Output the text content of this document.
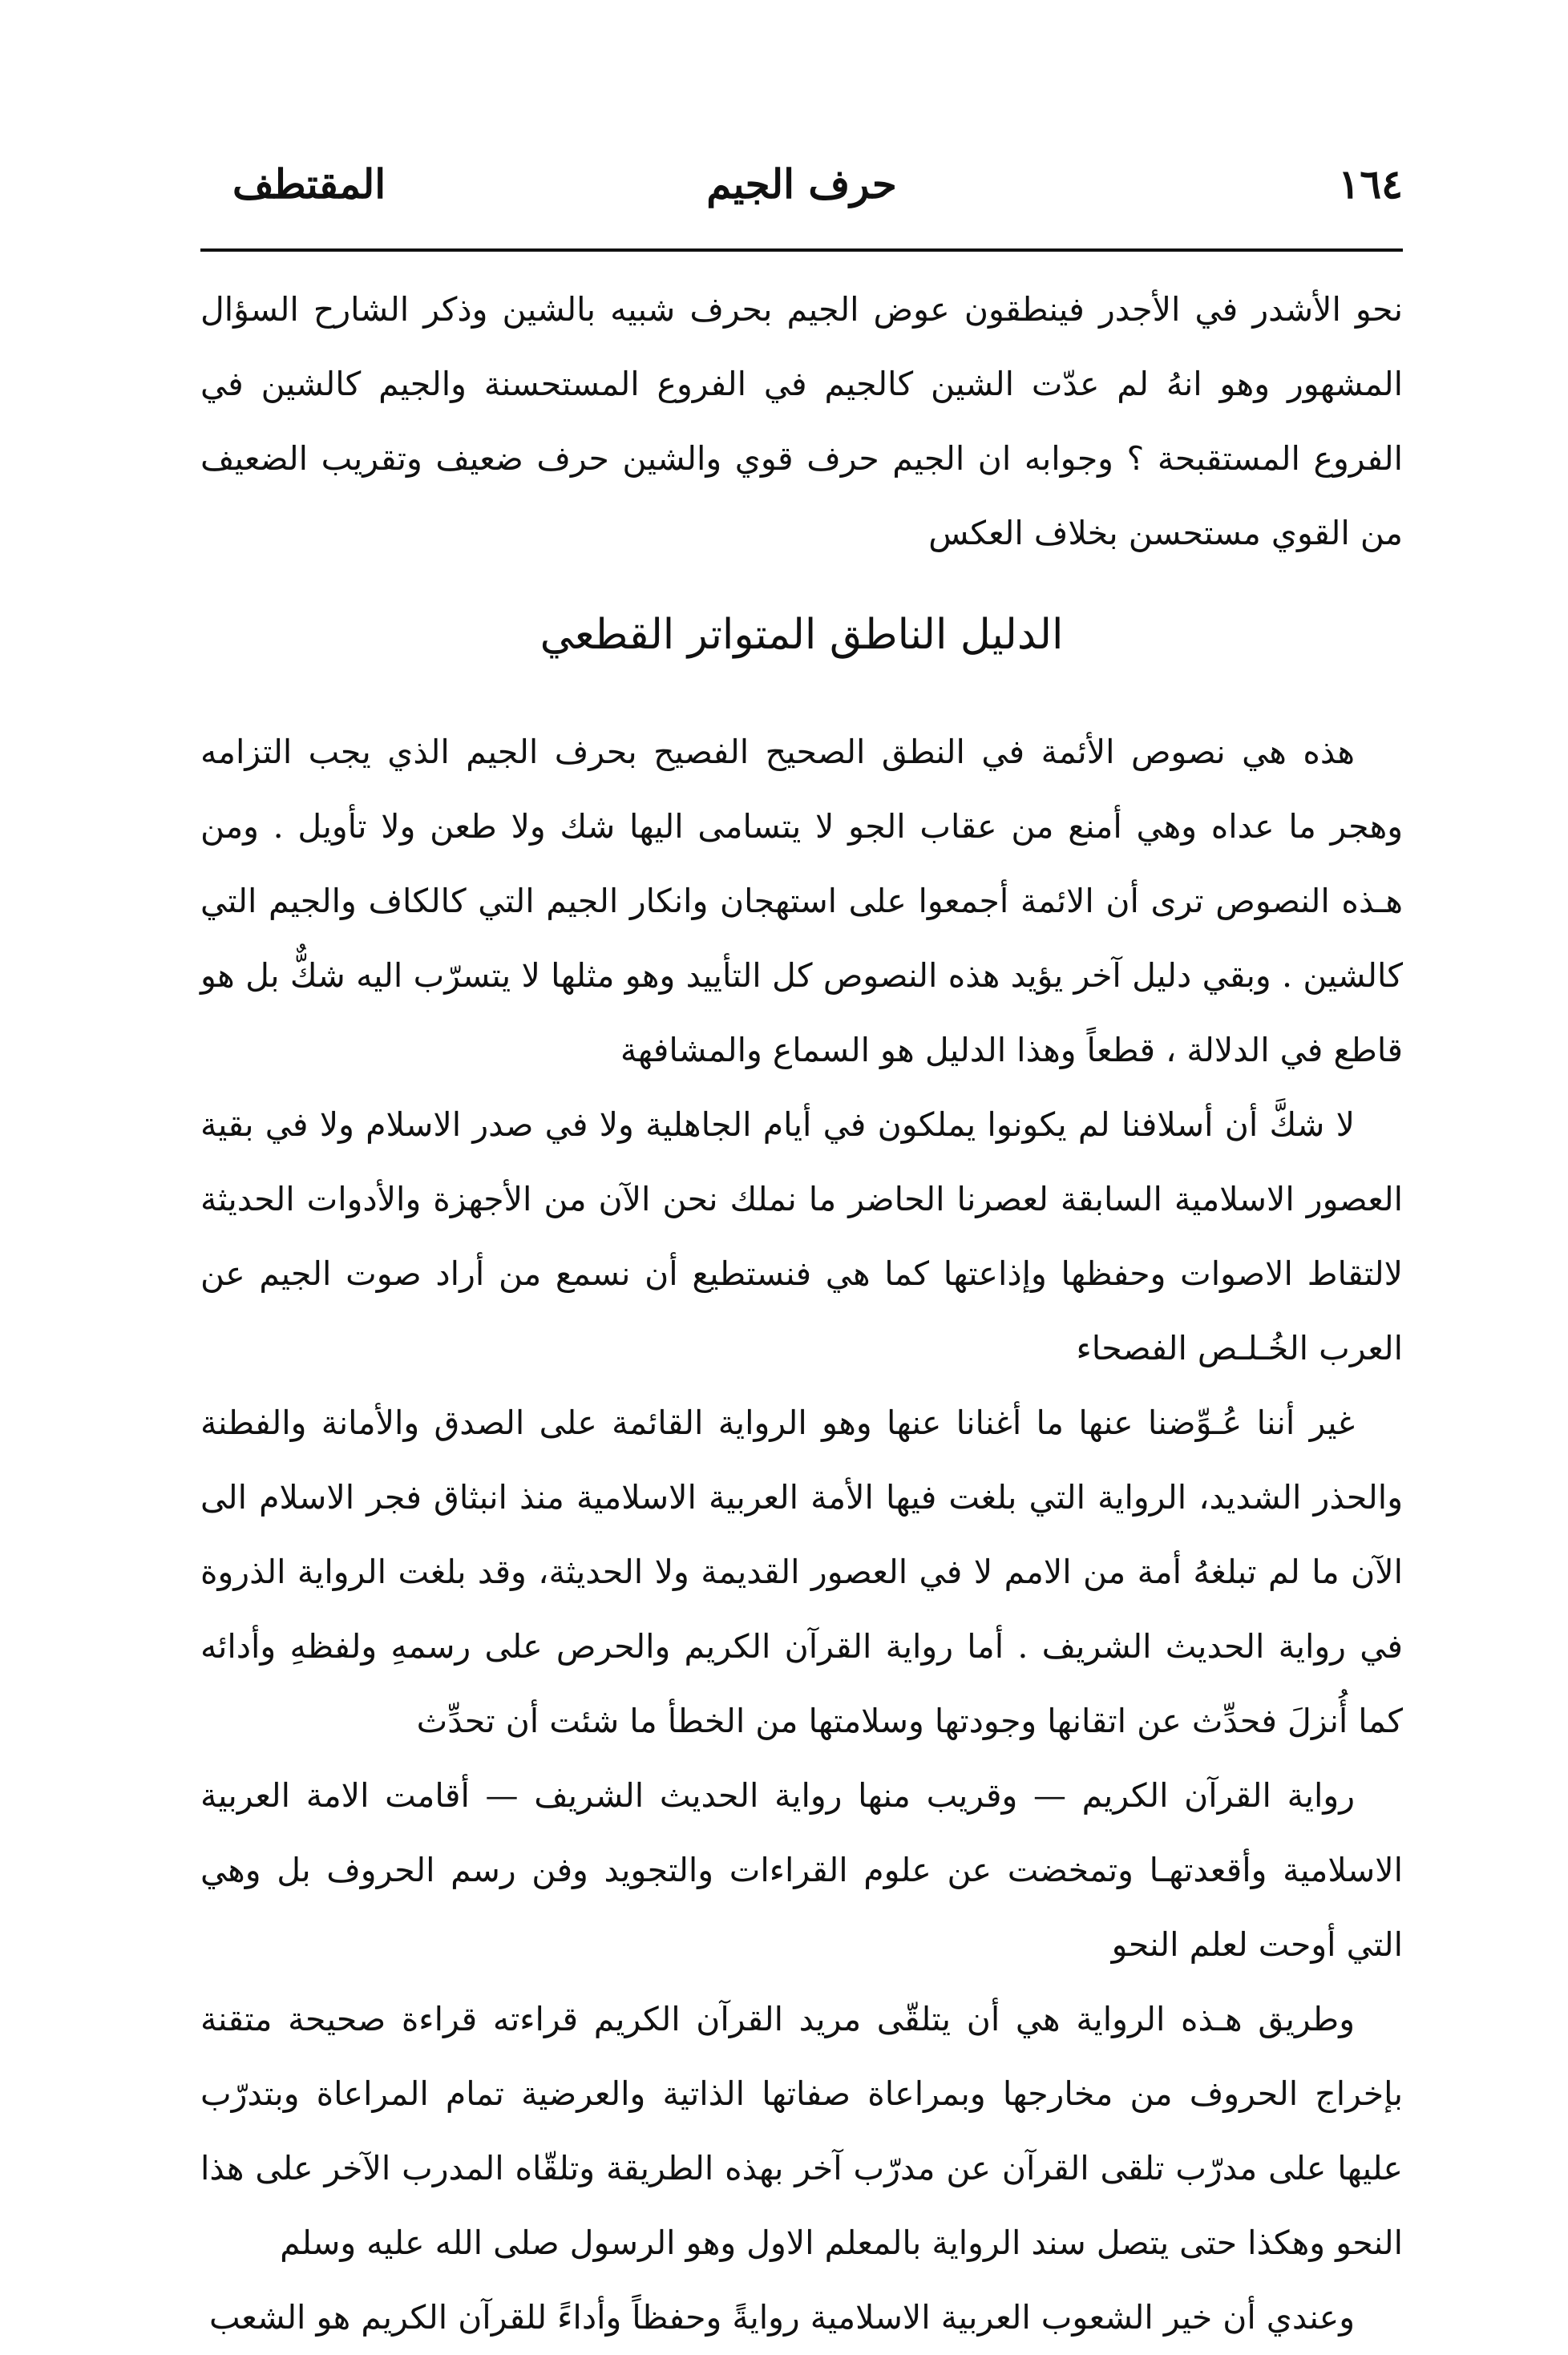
١٦٤
حرف الجيم
المقتطف

نحو الأشدر في الأجدر فينطقون عوض الجيم بحرف شبيه بالشين وذكر الشارح السؤال المشهور وهو انهُ لم عدّت الشين كالجيم في الفروع المستحسنة والجيم كالشين في الفروع المستقبحة ؟ وجوابه ان الجيم حرف قوي والشين حرف ضعيف وتقريب الضعيف من القوي مستحسن بخلاف العكس

الدليل الناطق المتواتر القطعي

هذه هي نصوص الأئمة في النطق الصحيح الفصيح بحرف الجيم الذي يجب التزامه وهجر ما عداه وهي أمنع من عقاب الجو لا يتسامى اليها شك ولا طعن ولا تأويل . ومن هـذه النصوص ترى أن الائمة أجمعوا على استهجان وانكار الجيم التي كالكاف والجيم التي كالشين . وبقي دليل آخر يؤيد هذه النصوص كل التأييد وهو مثلها لا يتسرّب اليه شكٌّ بل هو قاطع في الدلالة ، قطعاً وهذا الدليل هو السماع والمشافهة

لا شكَّ أن أسلافنا لم يكونوا يملكون في أيام الجاهلية ولا في صدر الاسلام ولا في بقية العصور الاسلامية السابقة لعصرنا الحاضر ما نملك نحن الآن من الأجهزة والأدوات الحديثة لالتقاط الاصوات وحفظها وإذاعتها كما هي فنستطيع أن نسمع من أراد صوت الجيم عن العرب الخُـلـص الفصحاء

غير أننا عُـوِّضنا عنها ما أغنانا عنها وهو الرواية القائمة على الصدق والأمانة والفطنة والحذر الشديد، الرواية التي بلغت فيها الأمة العربية الاسلامية منذ انبثاق فجر الاسلام الى الآن ما لم تبلغهُ أمة من الامم لا في العصور القديمة ولا الحديثة، وقد بلغت الرواية الذروة في رواية الحديث الشريف . أما رواية القرآن الكريم والحرص على رسمهِ ولفظهِ وأدائه كما أُنزلَ فحدِّث عن اتقانها وجودتها وسلامتها من الخطأ ما شئت أن تحدِّث

رواية القرآن الكريم — وقريب منها رواية الحديث الشريف — أقامت الامة العربية الاسلامية وأقعدتهـا وتمخضت عن علوم القراءات والتجويد وفن رسم الحروف بل وهي التي أوحت لعلم النحو

وطريق هـذه الرواية هي أن يتلقّى مريد القرآن الكريم قراءته قراءة صحيحة متقنة بإخراج الحروف من مخارجها وبمراعاة صفاتها الذاتية والعرضية تمام المراعاة وبتدرّب عليها على مدرّب تلقى القرآن عن مدرّب آخر بهذه الطريقة وتلقّاه المدرب الآخر على هذا النحو وهكذا حتى يتصل سند الرواية بالمعلم الاول وهو الرسول صلى الله عليه وسلم

وعندي أن خير الشعوب العربية الاسلامية روايةً وحفظاً وأداءً للقرآن الكريم هو الشعب
